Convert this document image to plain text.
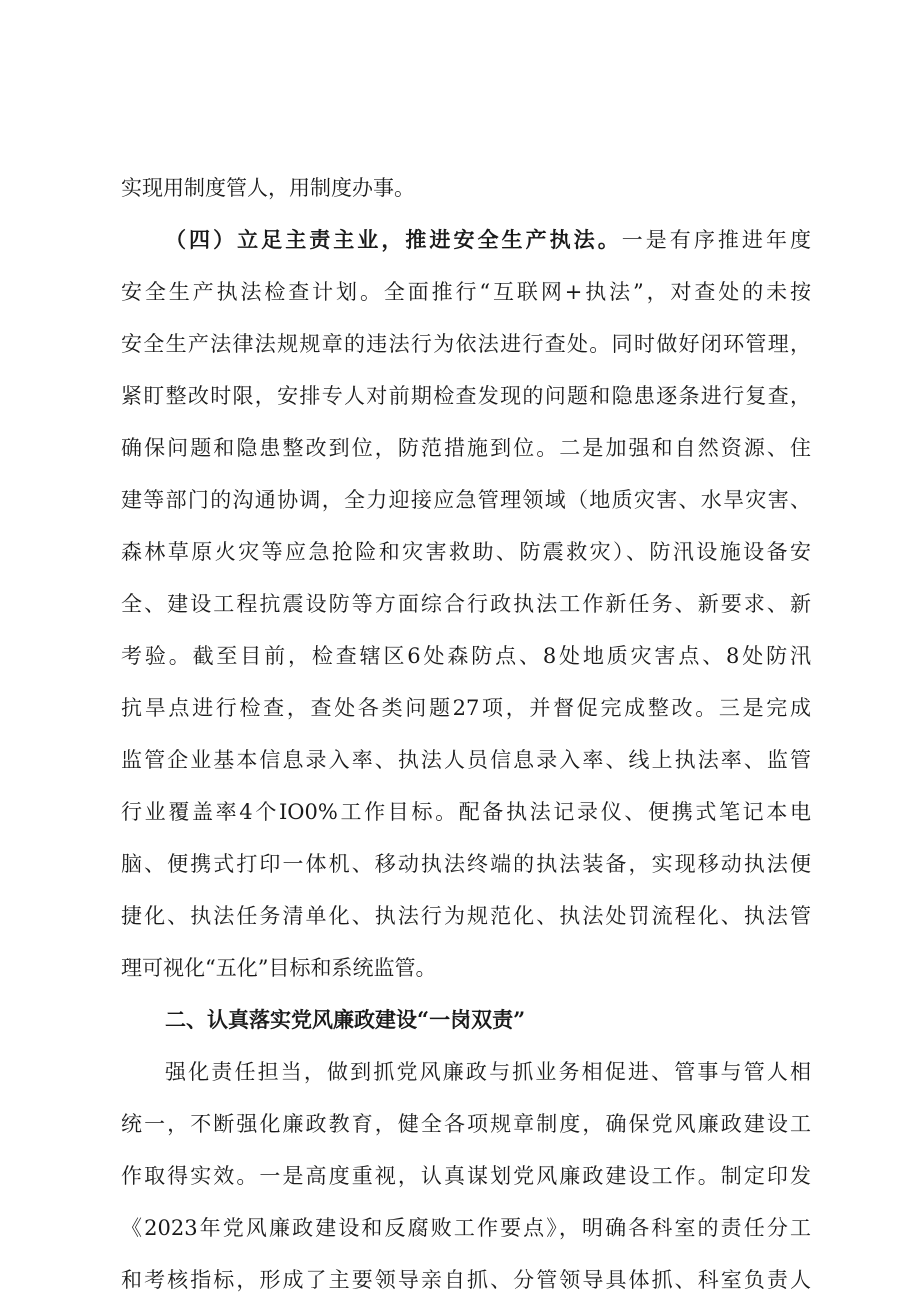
实现用制度管人，用制度办事。
（四）立足主责主业，推进安全生产执法。一是有序推进年度
安全生产执法检查计划。全面推行“互联网+执法”，对查处的未按
安全生产法律法规规章的违法行为依法进行查处。同时做好闭环管理，
紧盯整改时限，安排专人对前期检查发现的问题和隐患逐条进行复查，
确保问题和隐患整改到位，防范措施到位。二是加强和自然资源、住
建等部门的沟通协调，全力迎接应急管理领域（地质灾害、水旱灾害、
森林草原火灾等应急抢险和灾害救助、防震救灾）、防汛设施设备安
全、建设工程抗震设防等方面综合行政执法工作新任务、新要求、新
考验。截至目前，检查辖区6处森防点、8处地质灾害点、8处防汛
抗旱点进行检查，查处各类问题27项，并督促完成整改。三是完成
监管企业基本信息录入率、执法人员信息录入率、线上执法率、监管
行业覆盖率4个IO0%工作目标。配备执法记录仪、便携式笔记本电
脑、便携式打印一体机、移动执法终端的执法装备，实现移动执法便
捷化、执法任务清单化、执法行为规范化、执法处罚流程化、执法管
理可视化“五化”目标和系统监管。
二、认真落实党风廉政建设“一岗双责”
强化责任担当，做到抓党风廉政与抓业务相促进、管事与管人相
统一，不断强化廉政教育，健全各项规章制度，确保党风廉政建设工
作取得实效。一是高度重视，认真谋划党风廉政建设工作。制定印发
《2023年党风廉政建设和反腐败工作要点》，明确各科室的责任分工
和考核指标，形成了主要领导亲自抓、分管领导具体抓、科室负责人
